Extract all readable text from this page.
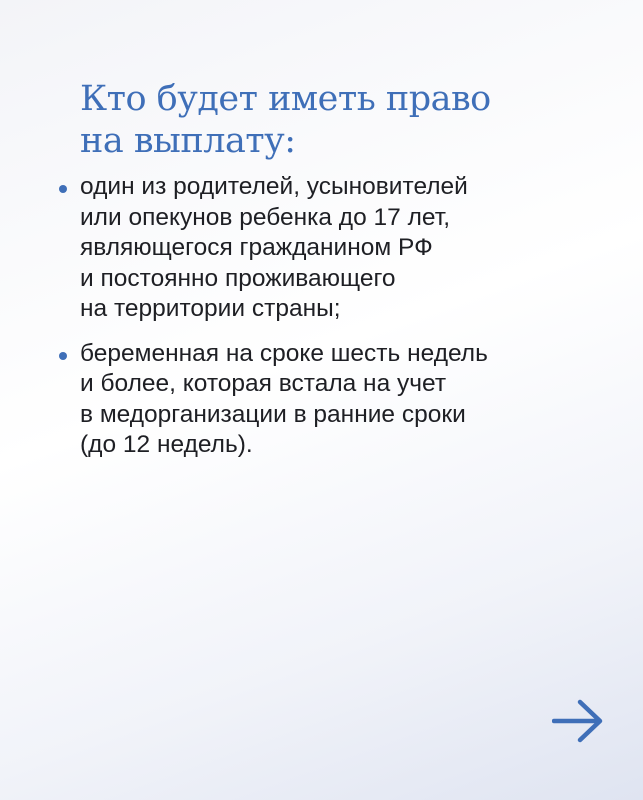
Кто будет иметь право
на выплату:
один из родителей, усыновителей
или опекунов ребенка до 17 лет,
являющегося гражданином РФ
и постоянно проживающего
на территории страны;
беременная на сроке шесть недель
и более, которая встала на учет
в медорганизации в ранние сроки
(до 12 недель).
